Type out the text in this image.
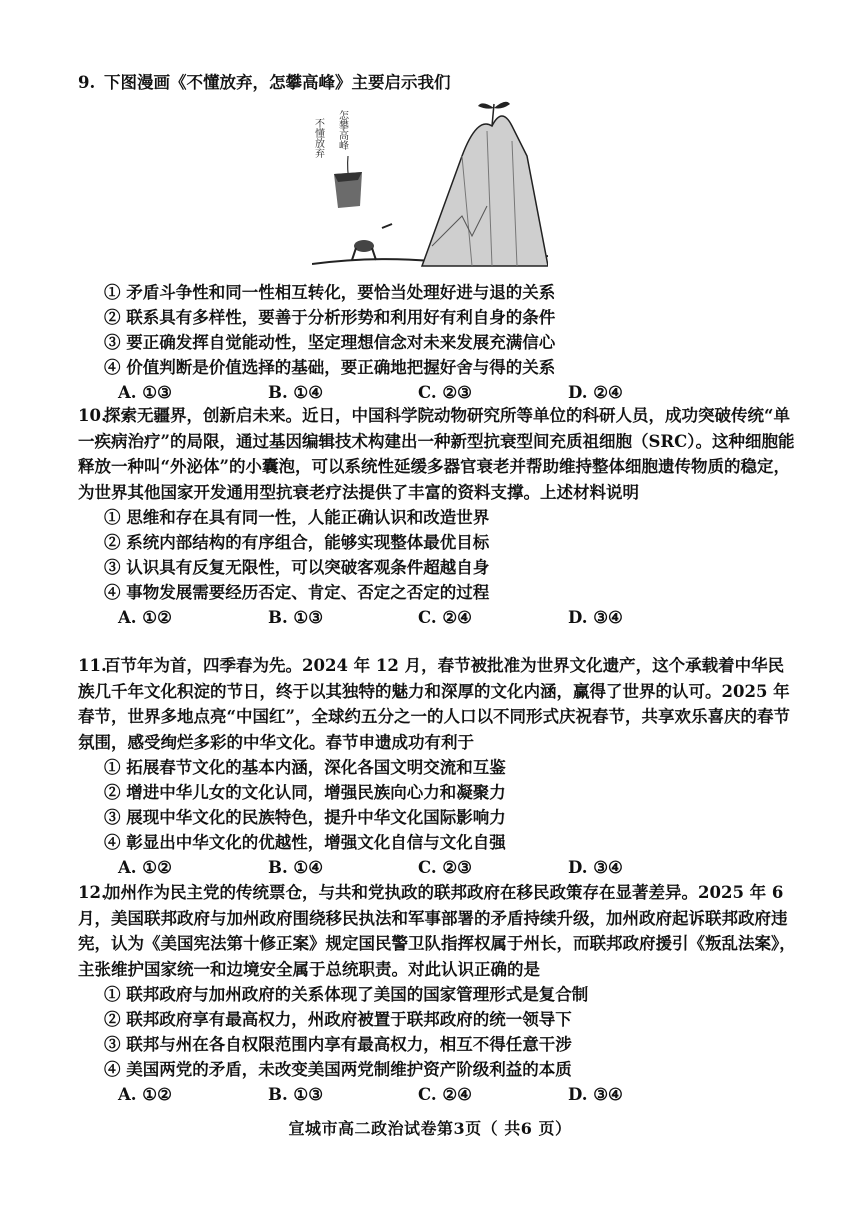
9. 下图漫画《不懂放弃，怎攀高峰》主要启示我们
不懂放弃 怎攀高峰
① 矛盾斗争性和同一性相互转化，要恰当处理好进与退的关系
② 联系具有多样性，要善于分析形势和利用好有利自身的条件
③ 要正确发挥自觉能动性，坚定理想信念对未来发展充满信心
④ 价值判断是价值选择的基础，要正确地把握好舍与得的关系
A. ①③	B. ①④	C. ②③	D. ②④
10.探索无疆界，创新启未来。近日，中国科学院动物研究所等单位的科研人员，成功突破传统“单一疾病治疗”的局限，通过基因编辑技术构建出一种新型抗衰型间充质祖细胞（SRC）。这种细胞能释放一种叫“外泌体”的小囊泡，可以系统性延缓多器官衰老并帮助维持整体细胞遗传物质的稳定，为世界其他国家开发通用型抗衰老疗法提供了丰富的资料支撑。上述材料说明
① 思维和存在具有同一性，人能正确认识和改造世界
② 系统内部结构的有序组合，能够实现整体最优目标
③ 认识具有反复无限性，可以突破客观条件超越自身
④ 事物发展需要经历否定、肯定、否定之否定的过程
A. ①②	B. ①③	C. ②④	D. ③④
11.百节年为首，四季春为先。2024 年 12 月，春节被批准为世界文化遗产，这个承载着中华民族几千年文化积淀的节日，终于以其独特的魅力和深厚的文化内涵，赢得了世界的认可。2025 年春节，世界多地点亮“中国红”，全球约五分之一的人口以不同形式庆祝春节，共享欢乐喜庆的春节氛围，感受绚烂多彩的中华文化。春节申遗成功有利于
① 拓展春节文化的基本内涵，深化各国文明交流和互鉴
② 增进中华儿女的文化认同，增强民族向心力和凝聚力
③ 展现中华文化的民族特色，提升中华文化国际影响力
④ 彰显出中华文化的优越性，增强文化自信与文化自强
A. ①②	B. ①④	C. ②③	D. ③④
12.加州作为民主党的传统票仓，与共和党执政的联邦政府在移民政策存在显著差异。2025 年 6 月，美国联邦政府与加州政府围绕移民执法和军事部署的矛盾持续升级，加州政府起诉联邦政府违宪，认为《美国宪法第十修正案》规定国民警卫队指挥权属于州长，而联邦政府援引《叛乱法案》，主张维护国家统一和边境安全属于总统职责。对此认识正确的是
① 联邦政府与加州政府的关系体现了美国的国家管理形式是复合制
② 联邦政府享有最高权力，州政府被置于联邦政府的统一领导下
③ 联邦与州在各自权限范围内享有最高权力，相互不得任意干涉
④ 美国两党的矛盾，未改变美国两党制维护资产阶级利益的本质
A. ①②	B. ①③	C. ②④	D. ③④
宣城市高二政治试卷第3页（ 共6 页）
